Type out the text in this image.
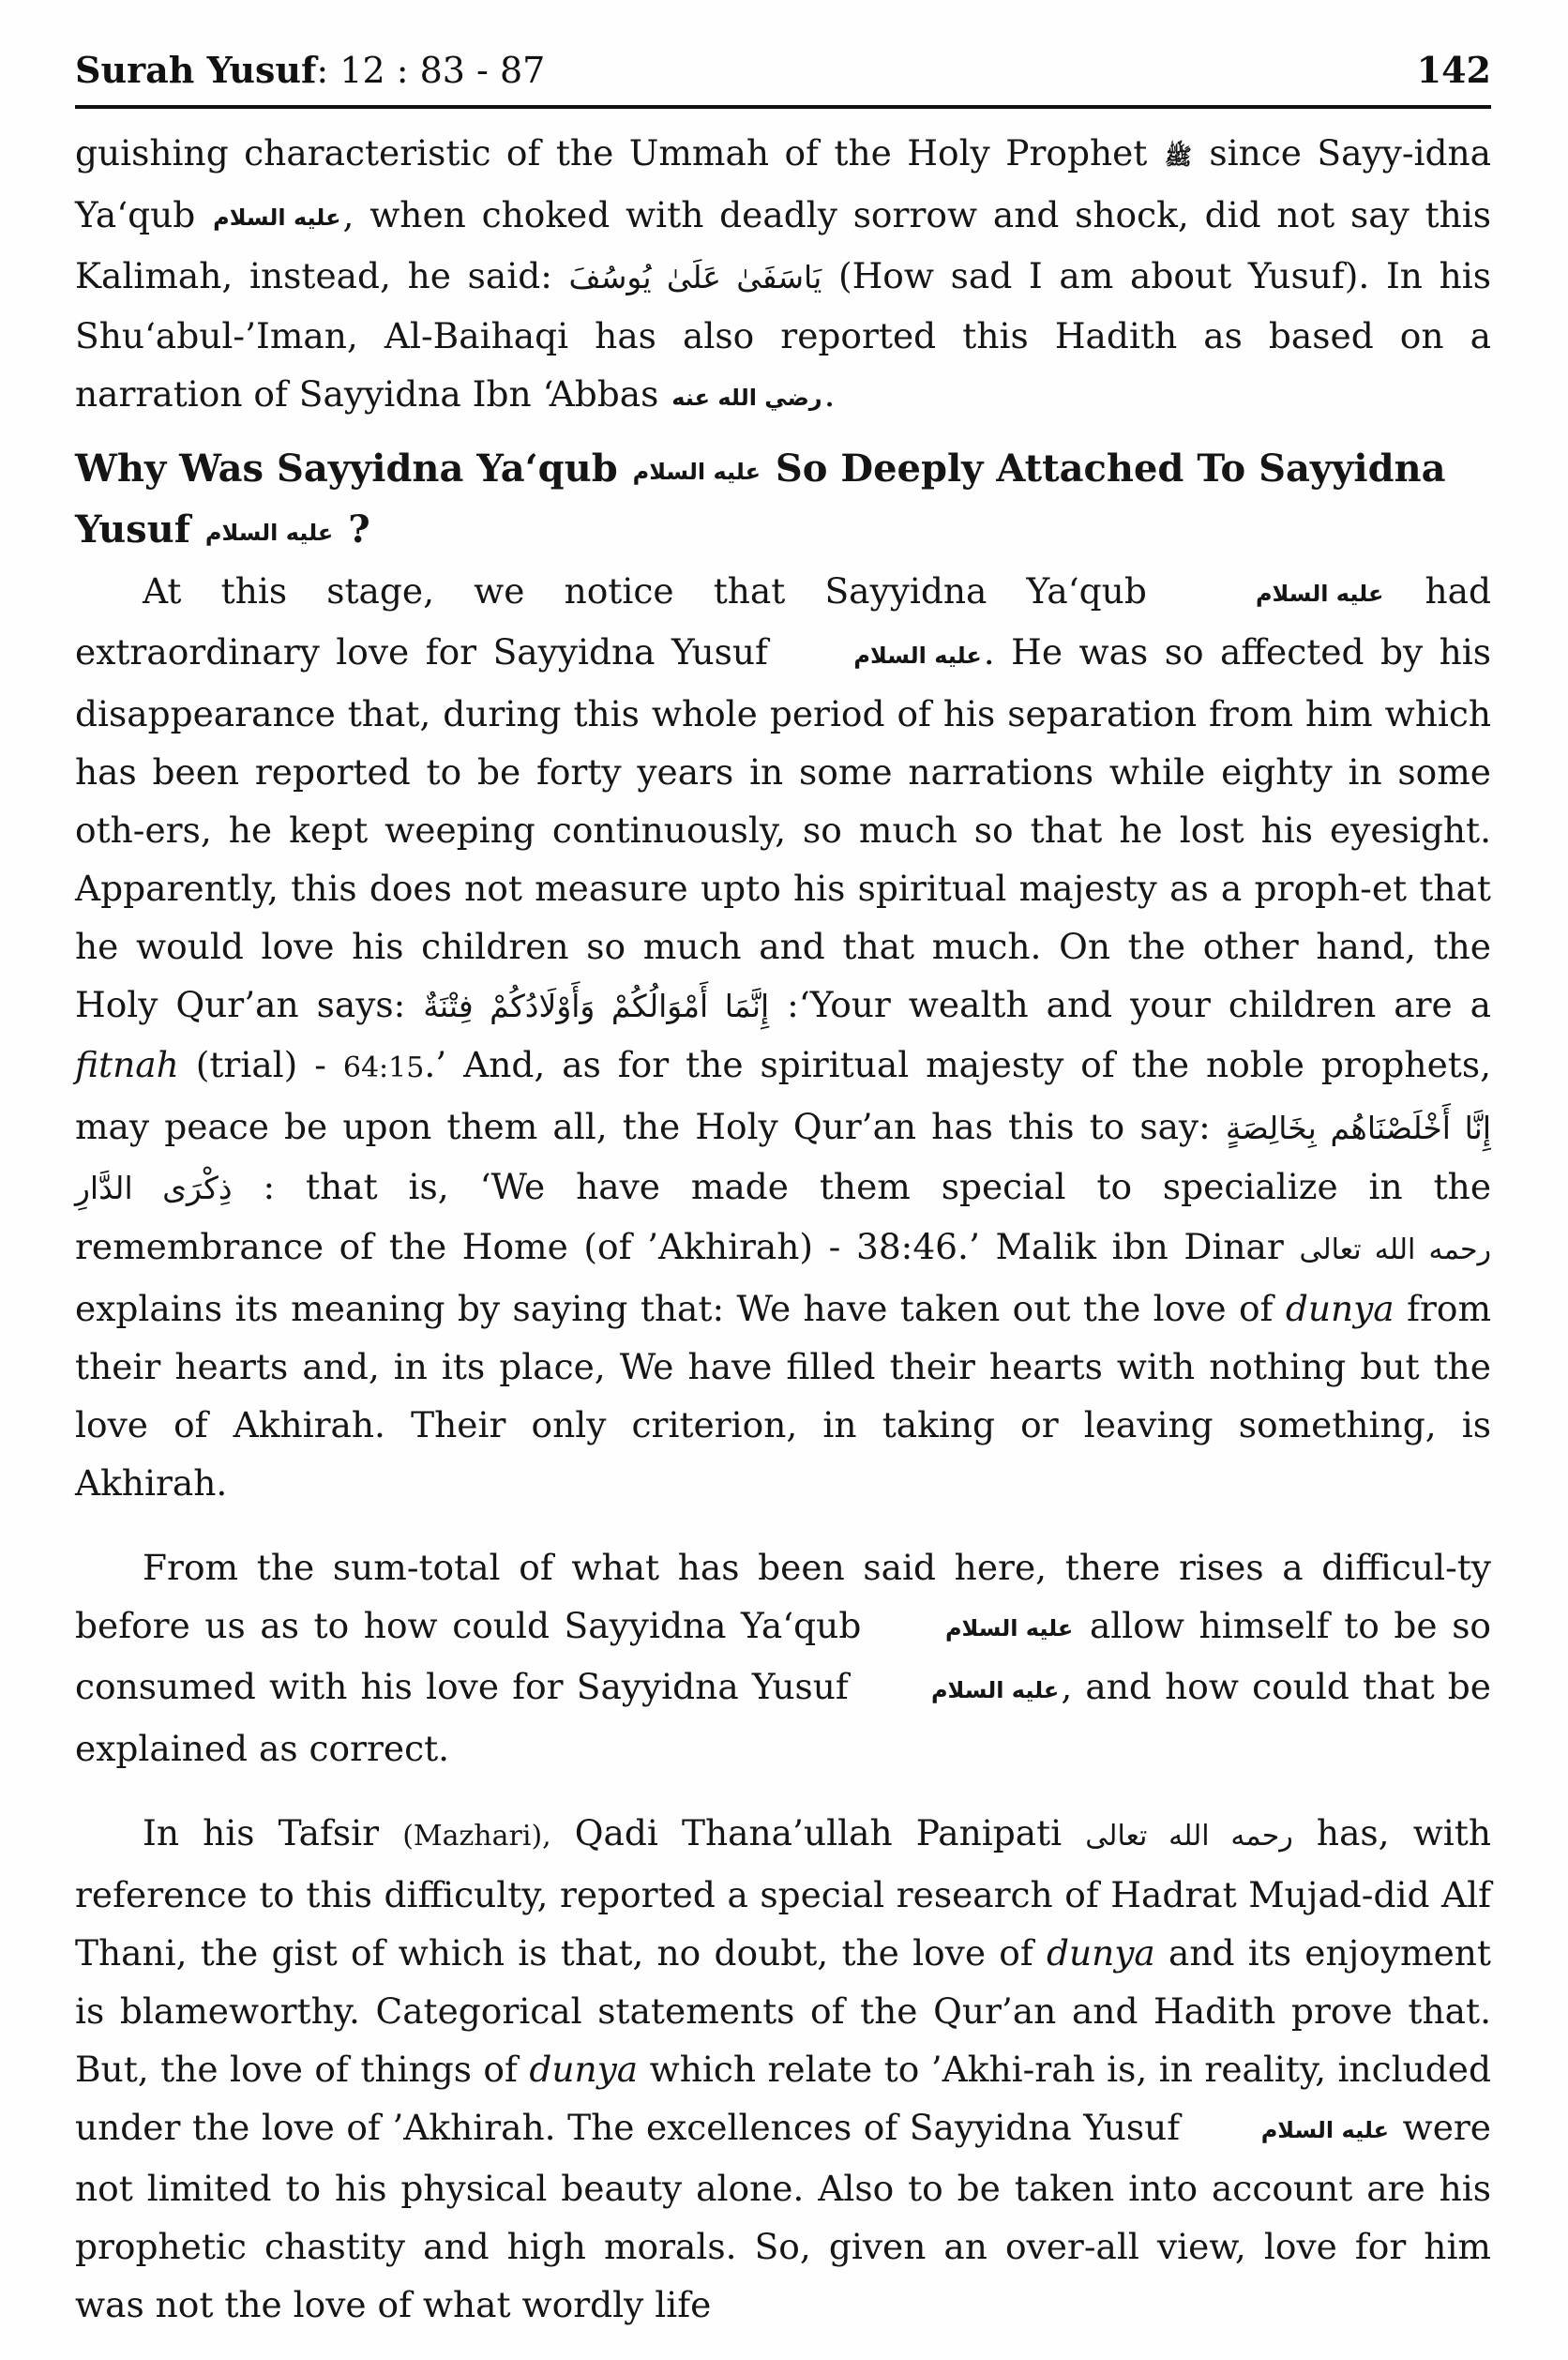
Surah Yusuf: 12 : 83 - 87	142

guishing characteristic of the Ummah of the Holy Prophet ﷺ since Sayy-idna Ya‘qub عليه السلام, when choked with deadly sorrow and shock, did not say this Kalimah, instead, he said: يَاسَفَىٰ عَلَىٰ يُوسُفَ (How sad I am about Yusuf). In his Shu‘abul-’Iman, Al-Baihaqi has also reported this Hadith as based on a narration of Sayyidna Ibn ‘Abbas رضي الله عنه.

Why Was Sayyidna Ya‘qub عليه السلام So Deeply Attached To Sayyidna Yusuf عليه السلام ?

At this stage, we notice that Sayyidna Ya‘qub	عليه السلام had extraordinary love for Sayyidna Yusuf	عليه السلام. He was so affected by his disappearance that, during this whole period of his separation from him which has been reported to be forty years in some narrations while eighty in some oth-ers, he kept weeping continuously, so much so that he lost his eyesight. Apparently, this does not measure upto his spiritual majesty as a proph-et that he would love his children so much and that much. On the other hand, the Holy Qur’an says: إِنَّمَا أَمْوَالُكُمْ وَأَوْلَادُكُمْ فِتْنَةٌ :‘Your wealth and your children are a fitnah (trial) - 64:15.’ And, as for the spiritual majesty of the noble prophets, may peace be upon them all, the Holy Qur’an has this to say: إِنَّا أَخْلَصْنَاهُم بِخَالِصَةٍ ذِكْرَى الدَّارِ : that is, ‘We have made them special to specialize in the remembrance of the Home (of ’Akhirah) - 38:46.’ Malik ibn Dinar رحمه الله تعالى explains its meaning by saying that: We have taken out the love of dunya from their hearts and, in its place, We have filled their hearts with nothing but the love of Akhirah. Their only criterion, in taking or leaving something, is Akhirah.

From the sum-total of what has been said here, there rises a difficul-ty before us as to how could Sayyidna Ya‘qub	عليه السلام allow himself to be so consumed with his love for Sayyidna Yusuf	عليه السلام, and how could that be explained as correct.

In his Tafsir (Mazhari), Qadi Thana’ullah Panipati رحمه الله تعالى has, with reference to this difficulty, reported a special research of Hadrat Mujad-did Alf Thani, the gist of which is that, no doubt, the love of dunya and its enjoyment is blameworthy. Categorical statements of the Qur’an and Hadith prove that. But, the love of things of dunya which relate to ’Akhi-rah is, in reality, included under the love of ’Akhirah. The excellences of Sayyidna Yusuf	عليه السلام were not limited to his physical beauty alone. Also to be taken into account are his prophetic chastity and high morals. So, given an over-all view, love for him was not the love of what wordly life
